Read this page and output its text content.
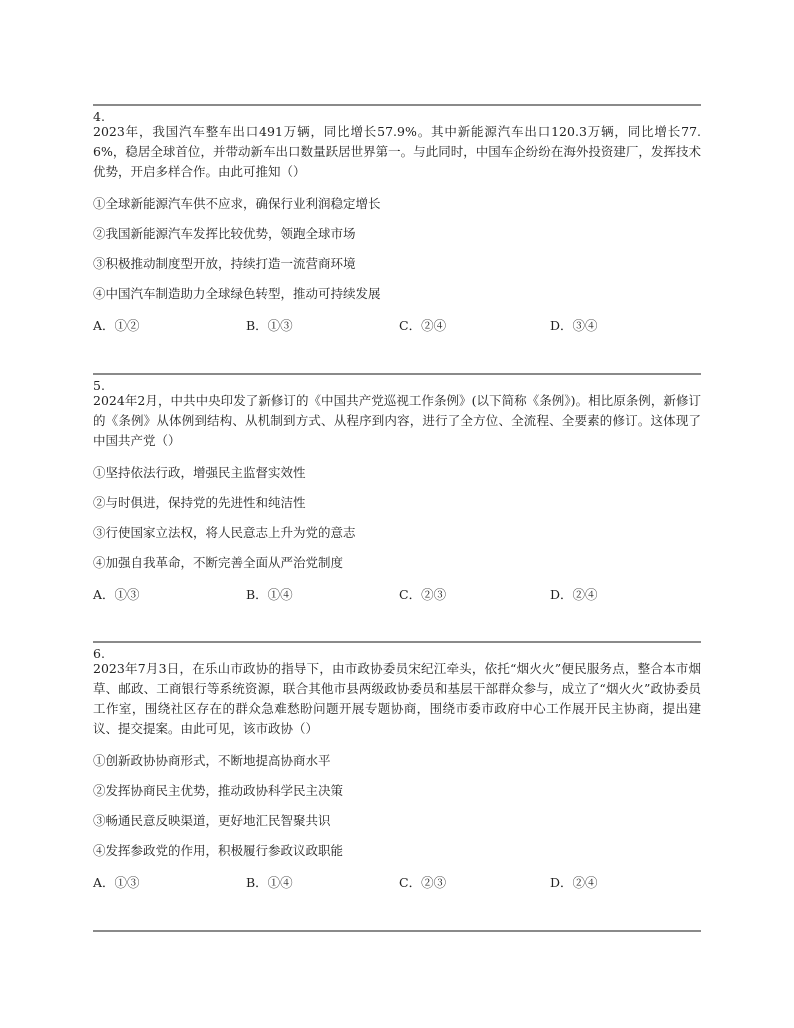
4.
2023年，我国汽车整车出口491万辆，同比增长57.9%。其中新能源汽车出口120.3万辆，同比增长77.6%，稳居全球首位，并带动新车出口数量跃居世界第一。与此同时，中国车企纷纷在海外投资建厂，发挥技术优势，开启多样合作。由此可推知（）
①全球新能源汽车供不应求，确保行业利润稳定增长
②我国新能源汽车发挥比较优势，领跑全球市场
③积极推动制度型开放，持续打造一流营商环境
④中国汽车制造助力全球绿色转型，推动可持续发展
A．①②	B．①③	C．②④	D．③④
5.
2024年2月，中共中央印发了新修订的《中国共产党巡视工作条例》(以下简称《条例》)。相比原条例，新修订的《条例》从体例到结构、从机制到方式、从程序到内容，进行了全方位、全流程、全要素的修订。这体现了中国共产党（）
①坚持依法行政，增强民主监督实效性
②与时俱进，保持党的先进性和纯洁性
③行使国家立法权，将人民意志上升为党的意志
④加强自我革命，不断完善全面从严治党制度
A．①③	B．①④	C．②③	D．②④
6.
2023年7月3日，在乐山市政协的指导下，由市政协委员宋纪江牵头，依托“烟火火”便民服务点，整合本市烟草、邮政、工商银行等系统资源，联合其他市县两级政协委员和基层干部群众参与，成立了“烟火火”政协委员工作室，围绕社区存在的群众急难愁盼问题开展专题协商，围绕市委市政府中心工作展开民主协商，提出建议、提交提案。由此可见，该市政协（）
①创新政协协商形式，不断地提高协商水平
②发挥协商民主优势，推动政协科学民主决策
③畅通民意反映渠道，更好地汇民智聚共识
④发挥参政党的作用，积极履行参政议政职能
A．①③	B．①④	C．②③	D．②④
